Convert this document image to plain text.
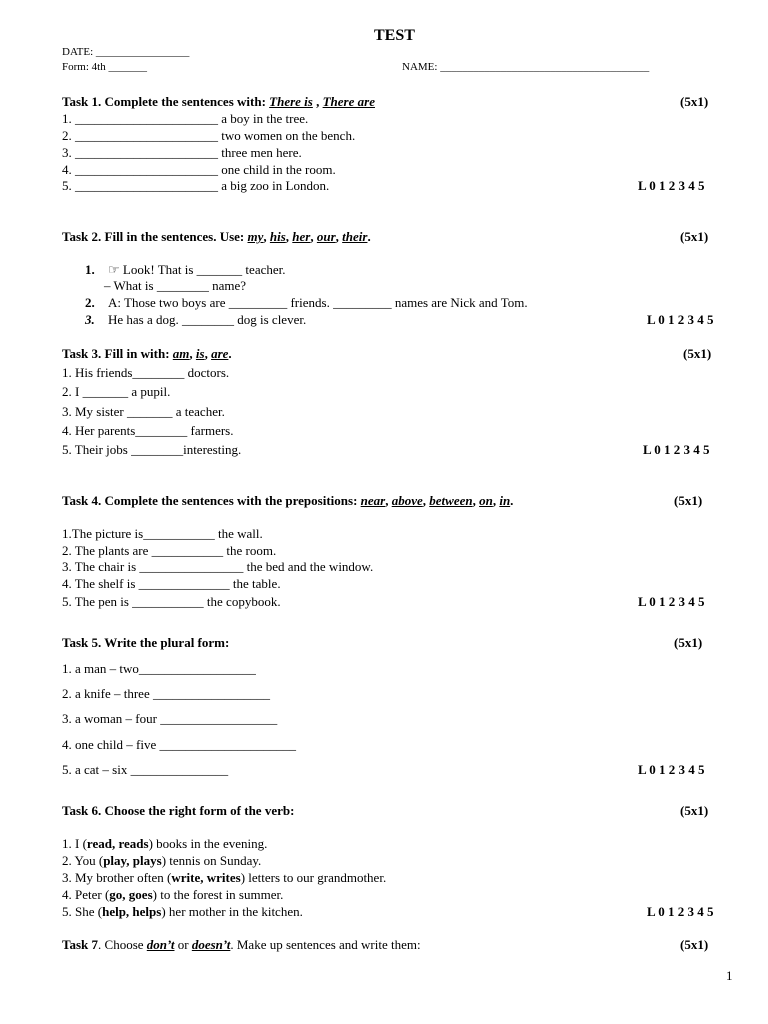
TEST
DATE: _________________
Form: 4th _______	NAME: ______________________________________
Task 1. Complete the sentences with: There is , There are	(5x1)
1. ______________________ a boy in the tree.
2. ______________________ two women on the bench.
3. ______________________ three men here.
4. ______________________ one child in the room.
5. ______________________ a big zoo in London.	L 0 1 2 3 4 5
Task 2. Fill in the sentences. Use: my, his, her, our, their.	(5x1)
1. ☞ Look! That is _______ teacher.
– What is ________ name?
2. A: Those two boys are _________ friends. _________ names are Nick and Tom.
3. He has a dog. ________ dog is clever.	L 0 1 2 3 4 5
Task 3. Fill in with: am, is, are.	(5x1)
1. His friends________ doctors.
2. I _______ a pupil.
3. My sister _______ a teacher.
4. Her parents________ farmers.
5. Their jobs ________interesting.	L 0 1 2 3 4 5
Task 4. Complete the sentences with the prepositions: near, above, between, on, in.	(5x1)
1.The picture is___________ the wall.
2. The plants are ___________ the room.
3. The chair is ________________ the bed and the window.
4. The shelf is ______________ the table.
5. The pen is ___________ the copybook.	L 0 1 2 3 4 5
Task 5. Write the plural form:	(5x1)
1. a man – two__________________
2. a knife – three __________________
3. a woman – four __________________
4. one child – five _____________________
5. a cat – six _______________	L 0 1 2 3 4 5
Task 6. Choose the right form of the verb:	(5x1)
1. I (read, reads) books in the evening.
2. You (play, plays) tennis on Sunday.
3. My brother often (write, writes) letters to our grandmother.
4. Peter (go, goes) to the forest in summer.
5. She (help, helps) her mother in the kitchen.	L 0 1 2 3 4 5
Task 7. Choose don’t or doesn’t. Make up sentences and write them:	(5x1)
1
